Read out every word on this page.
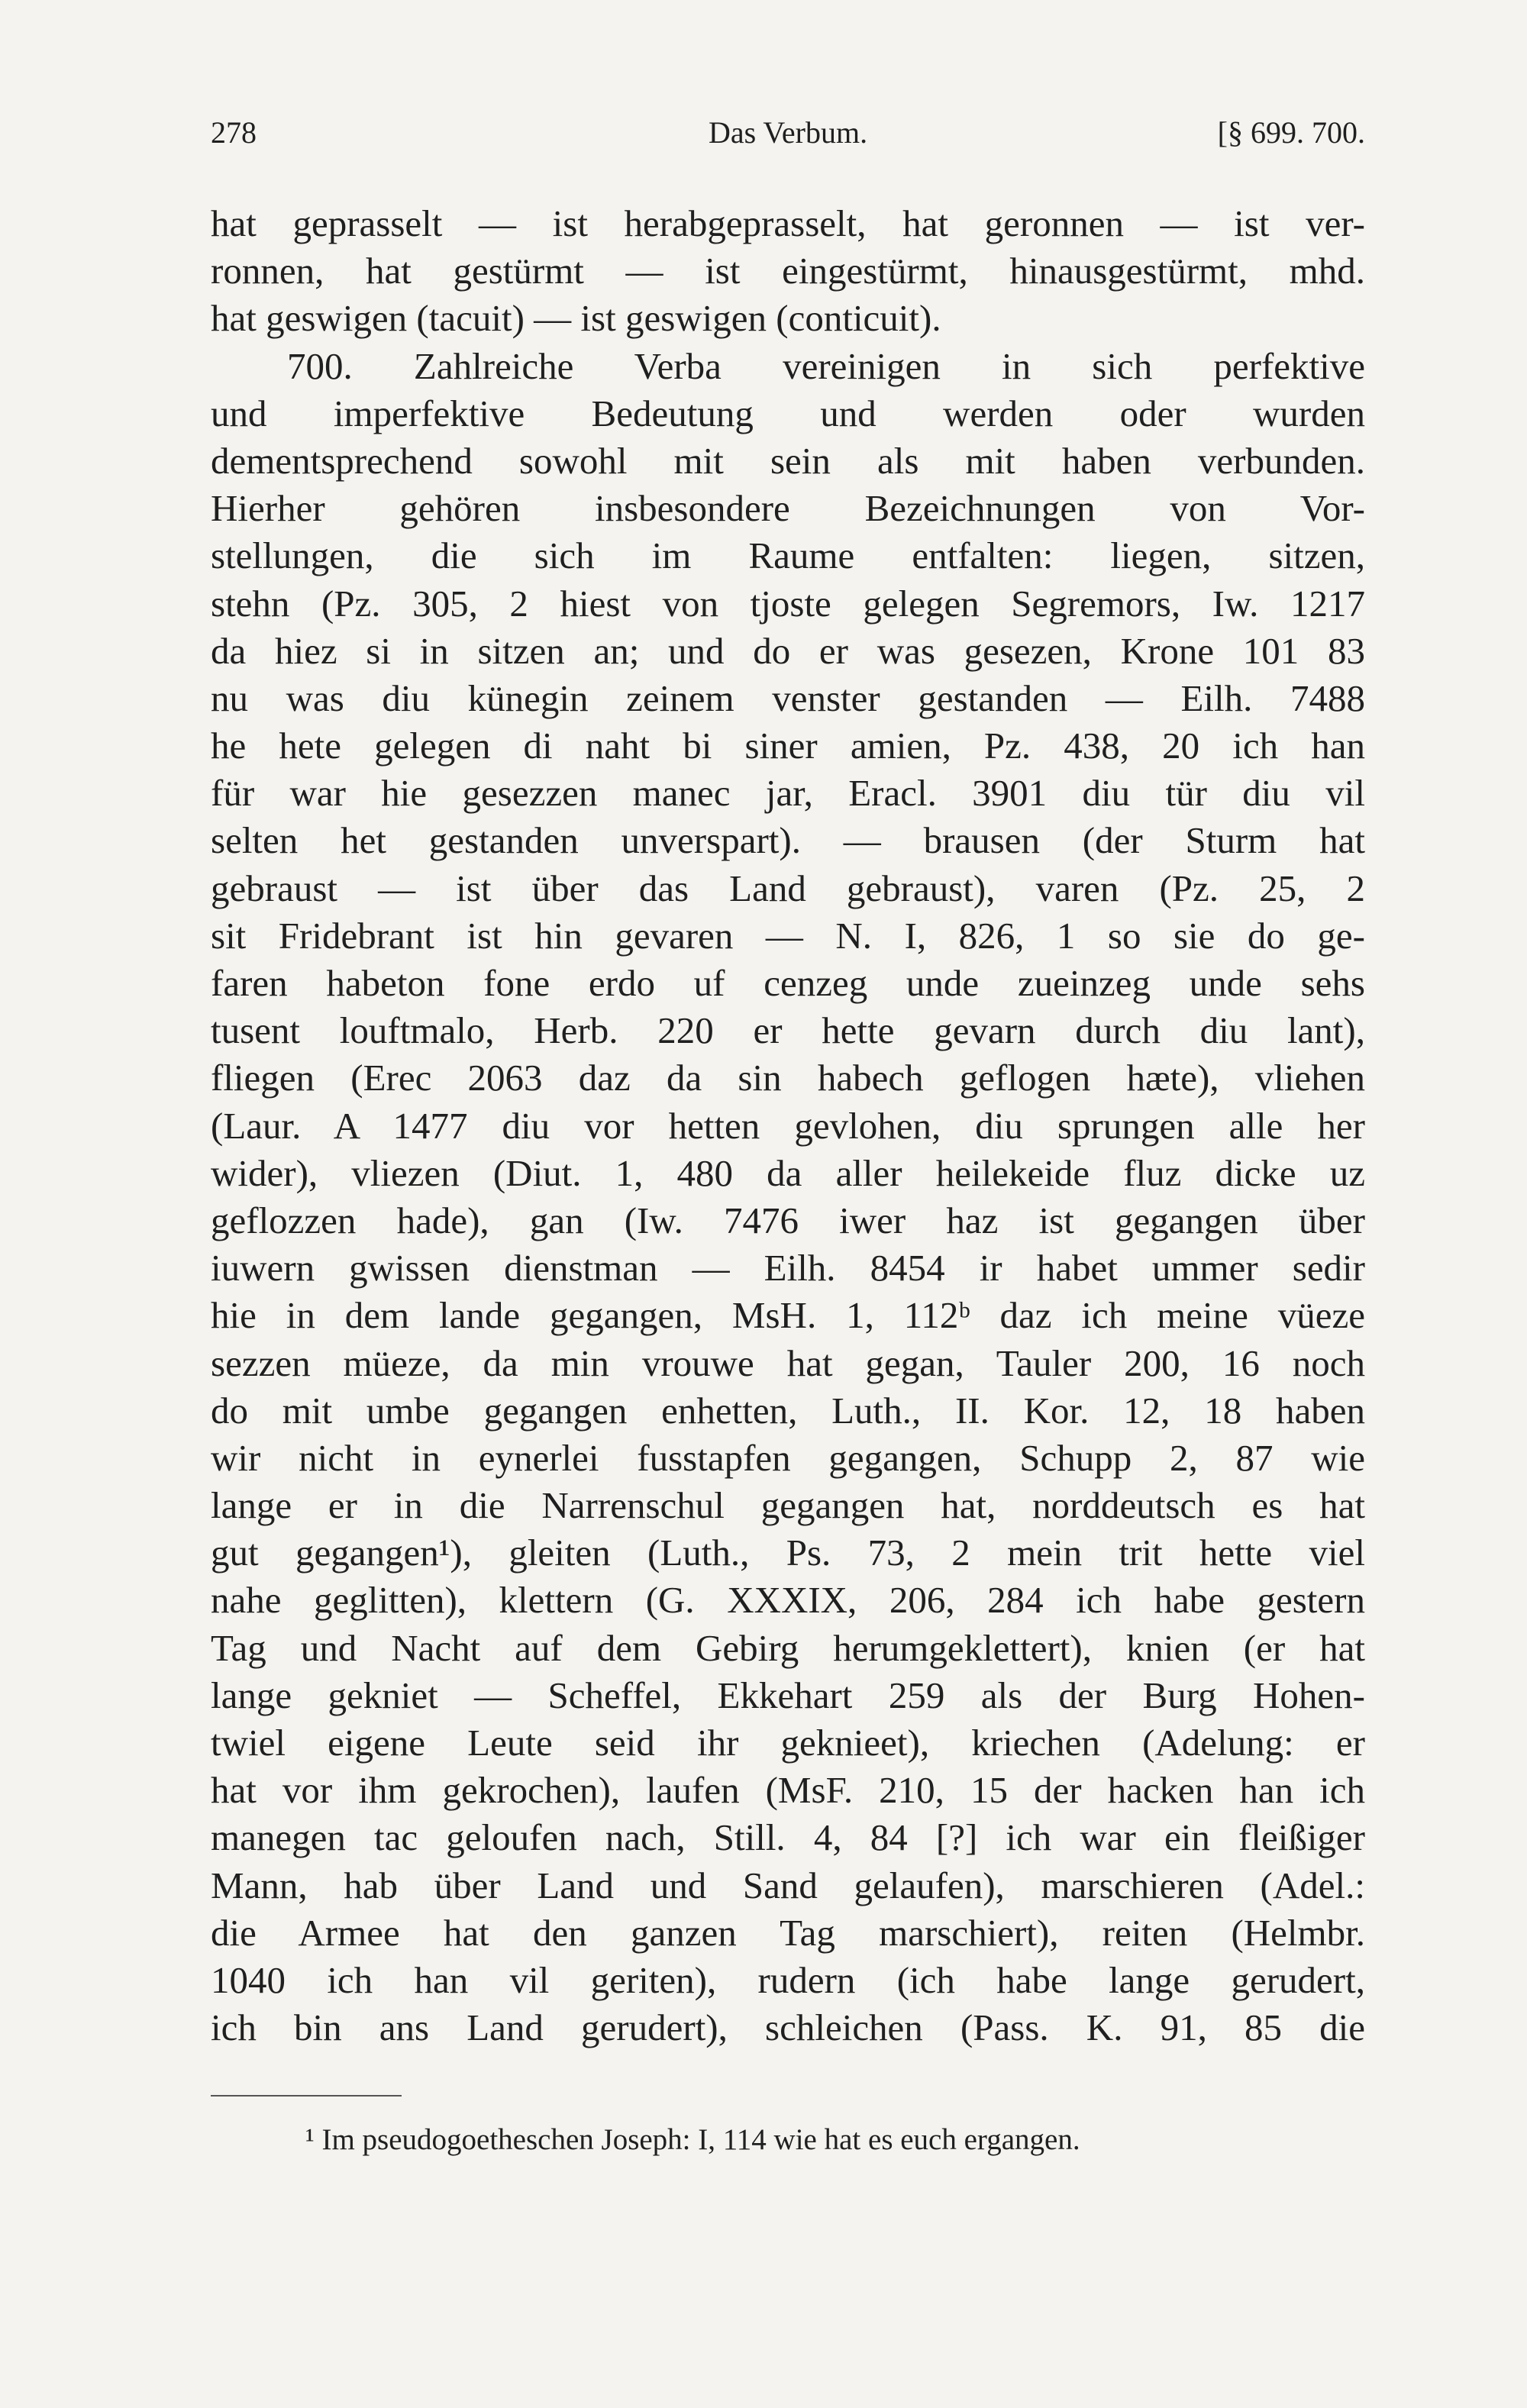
278	Das Verbum.	[§ 699. 700.
hat geprasselt — ist herabgeprasselt, hat geronnen — ist ver-
ronnen, hat gestürmt — ist eingestürmt, hinausgestürmt, mhd.
hat geswigen (tacuit) — ist geswigen (conticuit).
700. Zahlreiche Verba vereinigen in sich perfektive
und imperfektive Bedeutung und werden oder wurden
dementsprechend sowohl mit sein als mit haben verbunden.
Hierher gehören insbesondere Bezeichnungen von Vor-
stellungen, die sich im Raume entfalten: liegen, sitzen,
stehn (Pz. 305, 2 hiest von tjoste gelegen Segremors, Iw. 1217
da hiez si in sitzen an; und do er was gesezen, Krone 101 83
nu was diu künegin zeinem venster gestanden — Eilh. 7488
he hete gelegen di naht bi siner amien, Pz. 438, 20 ich han
für war hie gesezzen manec jar, Eracl. 3901 diu tür diu vil
selten het gestanden unverspart). — brausen (der Sturm hat
gebraust — ist über das Land gebraust), varen (Pz. 25, 2
sit Fridebrant ist hin gevaren — N. I, 826, 1 so sie do ge-
faren habeton fone erdo uf cenzeg unde zueinzeg unde sehs
tusent louftmalo, Herb. 220 er hette gevarn durch diu lant),
fliegen (Erec 2063 daz da sin habech geflogen hæte), vliehen
(Laur. A 1477 diu vor hetten gevlohen, diu sprungen alle her
wider), vliezen (Diut. 1, 480 da aller heilekeide fluz dicke uz
geflozzen hade), gan (Iw. 7476 iwer haz ist gegangen über
iuwern gwissen dienstman — Eilh. 8454 ir habet ummer sedir
hie in dem lande gegangen, MsH. 1, 112ᵇ daz ich meine vüeze
sezzen müeze, da min vrouwe hat gegan, Tauler 200, 16 noch
do mit umbe gegangen enhetten, Luth., II. Kor. 12, 18 haben
wir nicht in eynerlei fusstapfen gegangen, Schupp 2, 87 wie
lange er in die Narrenschul gegangen hat, norddeutsch es hat
gut gegangen¹), gleiten (Luth., Ps. 73, 2 mein trit hette viel
nahe geglitten), klettern (G. XXXIX, 206, 284 ich habe gestern
Tag und Nacht auf dem Gebirg herumgeklettert), knien (er hat
lange gekniet — Scheffel, Ekkehart 259 als der Burg Hohen-
twiel eigene Leute seid ihr geknieet), kriechen (Adelung: er
hat vor ihm gekrochen), laufen (MsF. 210, 15 der hacken han ich
manegen tac geloufen nach, Still. 4, 84 [?] ich war ein fleißiger
Mann, hab über Land und Sand gelaufen), marschieren (Adel.:
die Armee hat den ganzen Tag marschiert), reiten (Helmbr.
1040 ich han vil geriten), rudern (ich habe lange gerudert,
ich bin ans Land gerudert), schleichen (Pass. K. 91, 85 die
¹ Im pseudogoetheschen Joseph: I, 114 wie hat es euch ergangen.
